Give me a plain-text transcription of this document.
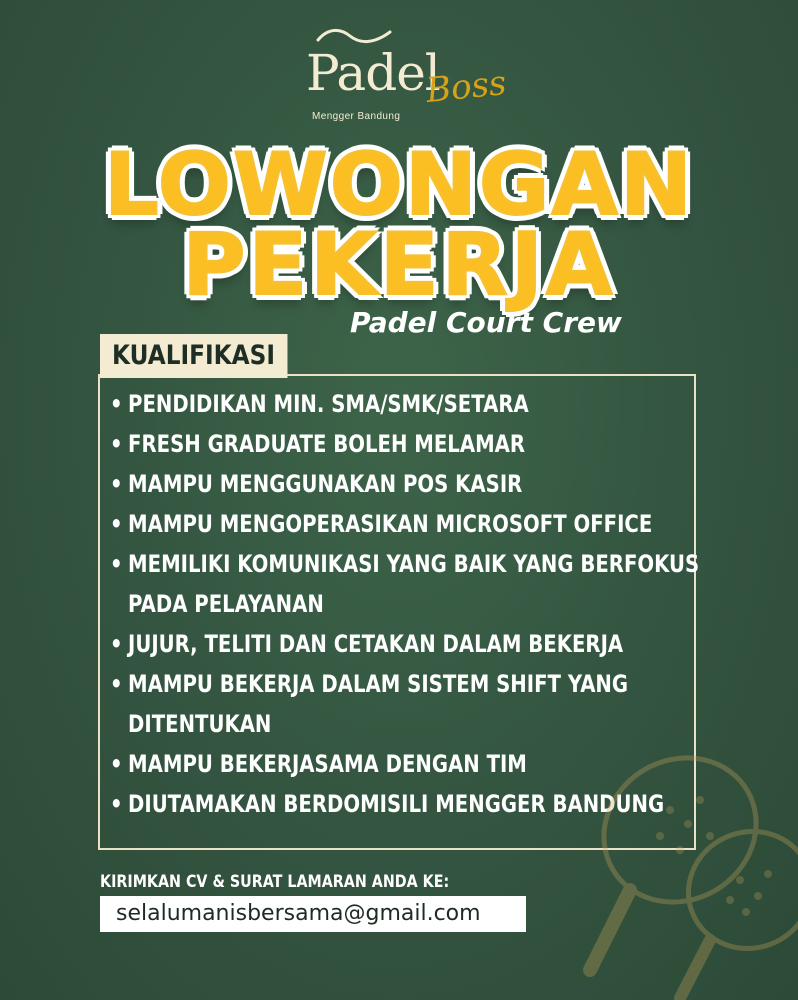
Padel
Boss
Mengger Bandung
LOWONGAN
PEKERJA
Padel Court Crew
KUALIFIKASI
• PENDIDIKAN MIN. SMA/SMK/SETARA
• FRESH GRADUATE BOLEH MELAMAR
• MAMPU MENGGUNAKAN POS KASIR
• MAMPU MENGOPERASIKAN MICROSOFT OFFICE
• MEMILIKI KOMUNIKASI YANG BAIK YANG BERFOKUS PADA PELAYANAN
• JUJUR, TELITI DAN CETAKAN DALAM BEKERJA
• MAMPU BEKERJA DALAM SISTEM SHIFT YANG DITENTUKAN
• MAMPU BEKERJASAMA DENGAN TIM
• DIUTAMAKAN BERDOMISILI MENGGER BANDUNG
KIRIMKAN CV & SURAT LAMARAN ANDA KE:
selalumanisbersama@gmail.com
